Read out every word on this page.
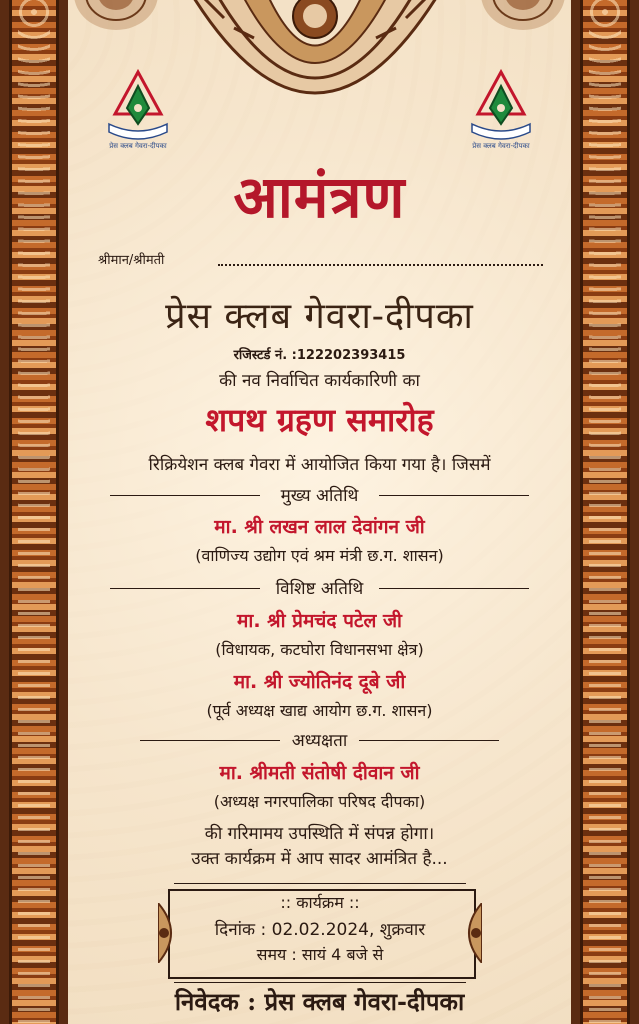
प्रेस क्लब गेवरा-दीपका	प्रेस क्लब गेवरा-दीपका
आमंत्रण
श्रीमान/श्रीमती
प्रेस क्लब गेवरा-दीपका
रजिस्टर्ड नं. :122202393415
की नव निर्वाचित कार्यकारिणी का
शपथ ग्रहण समारोह
रिक्रियेशन क्लब गेवरा में आयोजित किया गया है। जिसमें
मुख्य अतिथि
मा. श्री लखन लाल देवांगन जी
(वाणिज्य उद्योग एवं श्रम मंत्री छ.ग. शासन)
विशिष्ट अतिथि
मा. श्री प्रेमचंद पटेल जी
(विधायक, कटघोरा विधानसभा क्षेत्र)
मा. श्री ज्योतिनंद दूबे जी
(पूर्व अध्यक्ष खाद्य आयोग छ.ग. शासन)
अध्यक्षता
मा. श्रीमती संतोषी दीवान जी
(अध्यक्ष नगरपालिका परिषद दीपका)
की गरिमामय उपस्थिति में संपन्न होगा।
उक्त कार्यक्रम में आप सादर आमंत्रित है...
:: कार्यक्रम ::
दिनांक : 02.02.2024, शुक्रवार
समय : सायं 4 बजे से
निवेदक : प्रेस क्लब गेवरा-दीपका
